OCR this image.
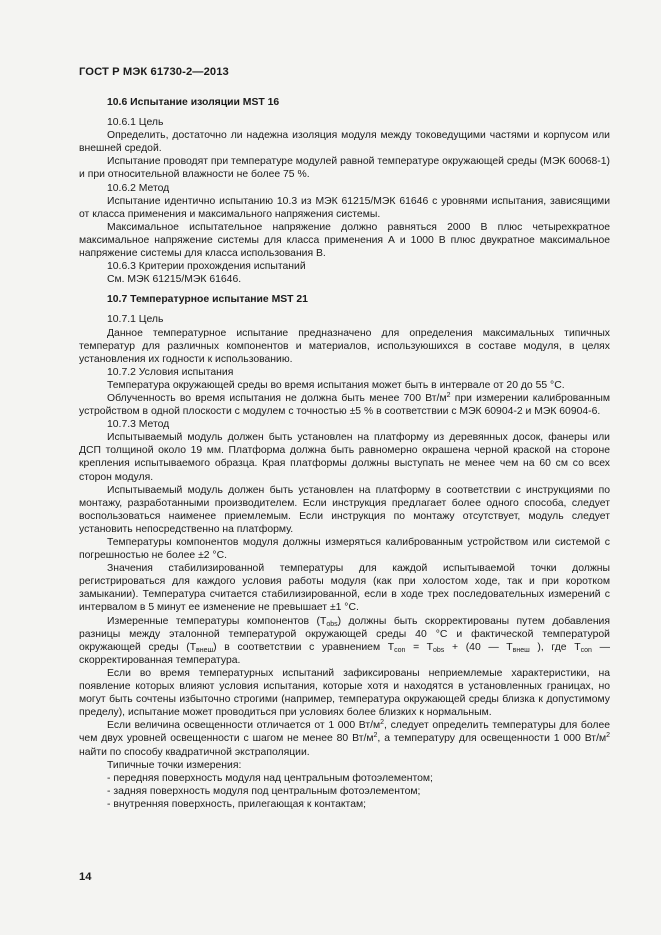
ГОСТ Р МЭК 61730-2—2013

10.6 Испытание изоляции MST 16

10.6.1 Цель

Определить, достаточно ли надежна изоляция модуля между токоведущими частями и корпусом или внешней средой.

Испытание проводят при температуре модулей равной температуре окружающей среды (МЭК 60068-1) и при относительной влажности не более 75 %.

10.6.2 Метод

Испытание идентично испытанию 10.3 из МЭК 61215/МЭК 61646 с уровнями испытания, зависящими от класса применения и максимального напряжения системы.

Максимальное испытательное напряжение должно равняться 2000 В плюс четырехкратное максимальное напряжение системы для класса применения А и 1000 В плюс двукратное максимальное напряжение системы для класса использования В.

10.6.3 Критерии прохождения испытаний

См. МЭК 61215/МЭК 61646.

10.7 Температурное испытание MST 21

10.7.1 Цель

Данное температурное испытание предназначено для определения максимальных типичных температур для различных компонентов и материалов, используюшихся в составе модуля, в целях установления их годности к использованию.

10.7.2 Условия испытания

Температура окружающей среды во время испытания может быть в интервале от 20 до 55 °С.

Облученность во время испытания не должна быть менее 700 $Вт/м^2$ при измерении калиброванным устройством в одной плоскости с модулем с точностью ±5 % в соответствии с МЭК 60904-2 и МЭК 60904-6.

10.7.3 Метод

Испытываемый модуль должен быть установлен на платформу из деревянных досок, фанеры или ДСП толщиной около 19 мм. Платформа должна быть равномерно окрашена черной краской на стороне крепления испытываемого образца. Края платформы должны выступать не менее чем на 60 см со всех сторон модуля.

Испытываемый модуль должен быть установлен на платформу в соответствии с инструкциями по монтажу, разработанными производителем. Если инструкция предлагает более одного способа, следует воспользоваться наименее приемлемым. Если инструкция по монтажу отсутствует, модуль следует установить непосредственно на платформу.

Температуры компонентов модуля должны измеряться калиброванным устройством или системой с погрешностью не более ±2 °С.

Значения стабилизированной температуры для каждой испытываемой точки должны регистрироваться для каждого условия работы модуля (как при холостом ходе, так и при коротком замыкании). Температура считается стабилизированной, если в ходе трех последовательных измерений с интервалом в 5 минут ее изменение не превышает ±1 °С.

Измеренные температуры компонентов $(T_{obs})$ должны быть скорректированы путем добавления разницы между эталонной температурой окружающей среды 40 °С и фактической температурой окружающей среды $(T_{внеш})$ в соответствии с уравнением $T_{con} = T_{obs} + (40$ — $T_{внеш}$ ), где $T_{con}$ — скорректированная температура.

Если во время температурных испытаний зафиксированы неприемлемые характеристики, на появление которых влияют условия испытания, которые хотя и находятся в установленных границах, но могут быть сочтены избыточно строгими (например, температура окружающей среды близка к допустимому пределу), испытание может проводиться при условиях более близких к нормальным.

Если величина освещенности отличается от 1 000 $Вт/м^2$, следует определить температуры для более чем двух уровней освещенности с шагом не менее 80 $Вт/м^2$, а температуру для освещенности 1 000 $Вт/м^2$ найти по способу квадратичной экстраполяции.

Типичные точки измерения:

- передняя поверхность модуля над центральным фотоэлементом;

- задняя поверхность модуля под центральным фотоэлементом;

- внутренняя поверхность, прилегающая к контактам;

14
